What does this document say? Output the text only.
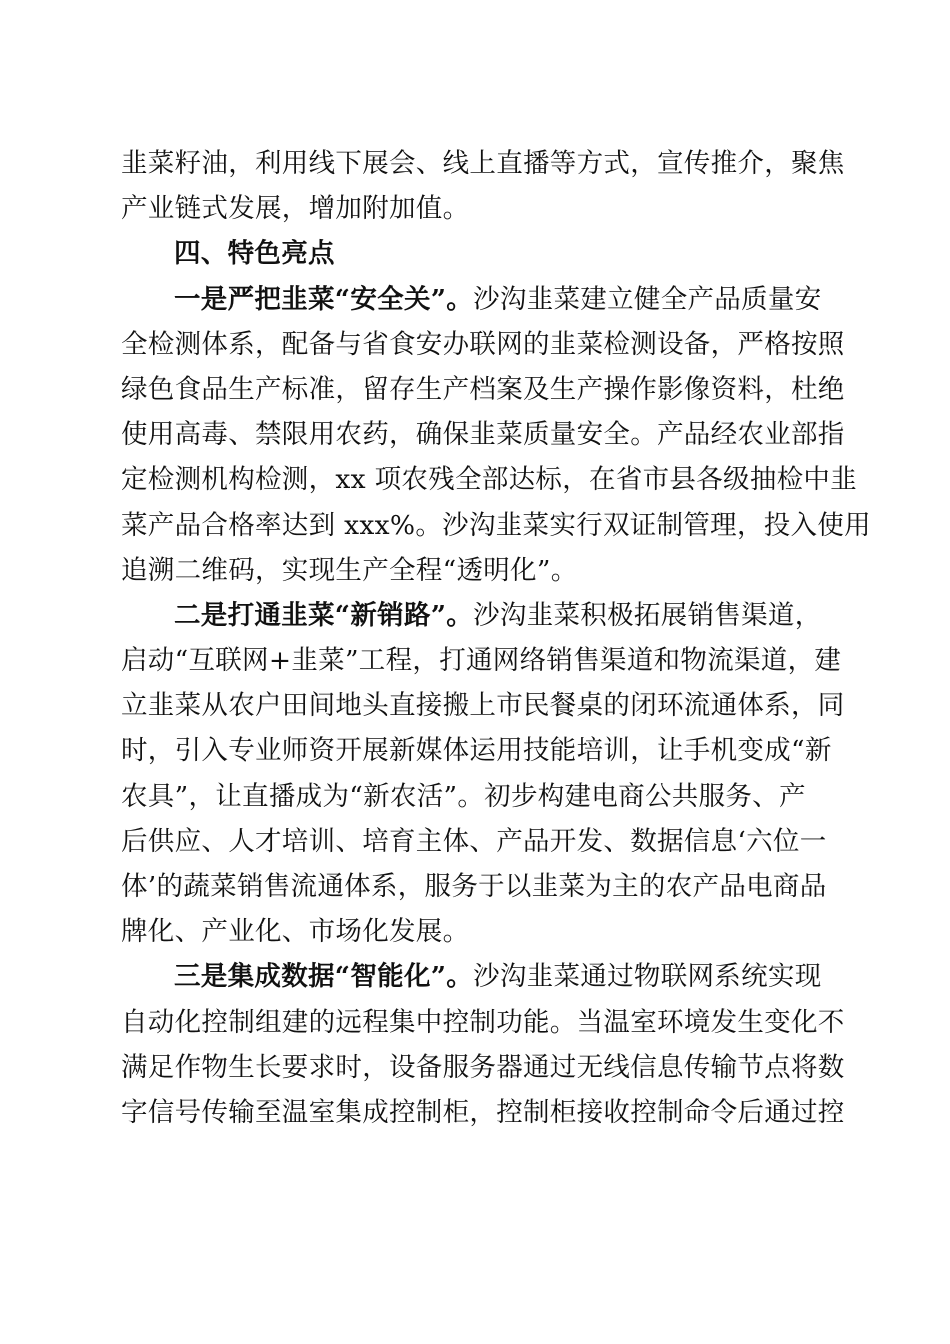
韭菜籽油，利用线下展会、线上直播等方式，宣传推介，聚焦
产业链式发展，增加附加值。
四、特色亮点
一是严把韭菜“安全关”。沙沟韭菜建立健全产品质量安
全检测体系，配备与省食安办联网的韭菜检测设备，严格按照
绿色食品生产标准，留存生产档案及生产操作影像资料，杜绝
使用高毒、禁限用农药，确保韭菜质量安全。产品经农业部指
定检测机构检测，xx 项农残全部达标，在省市县各级抽检中韭
菜产品合格率达到 xxx%。沙沟韭菜实行双证制管理，投入使用
追溯二维码，实现生产全程“透明化”。
二是打通韭菜“新销路”。沙沟韭菜积极拓展销售渠道，
启动“互联网+韭菜”工程，打通网络销售渠道和物流渠道，建
立韭菜从农户田间地头直接搬上市民餐桌的闭环流通体系，同
时，引入专业师资开展新媒体运用技能培训，让手机变成“新
农具”，让直播成为“新农活”。初步构建电商公共服务、产
后供应、人才培训、培育主体、产品开发、数据信息‘六位一
体’的蔬菜销售流通体系，服务于以韭菜为主的农产品电商品
牌化、产业化、市场化发展。
三是集成数据“智能化”。沙沟韭菜通过物联网系统实现
自动化控制组建的远程集中控制功能。当温室环境发生变化不
满足作物生长要求时，设备服务器通过无线信息传输节点将数
字信号传输至温室集成控制柜，控制柜接收控制命令后通过控
